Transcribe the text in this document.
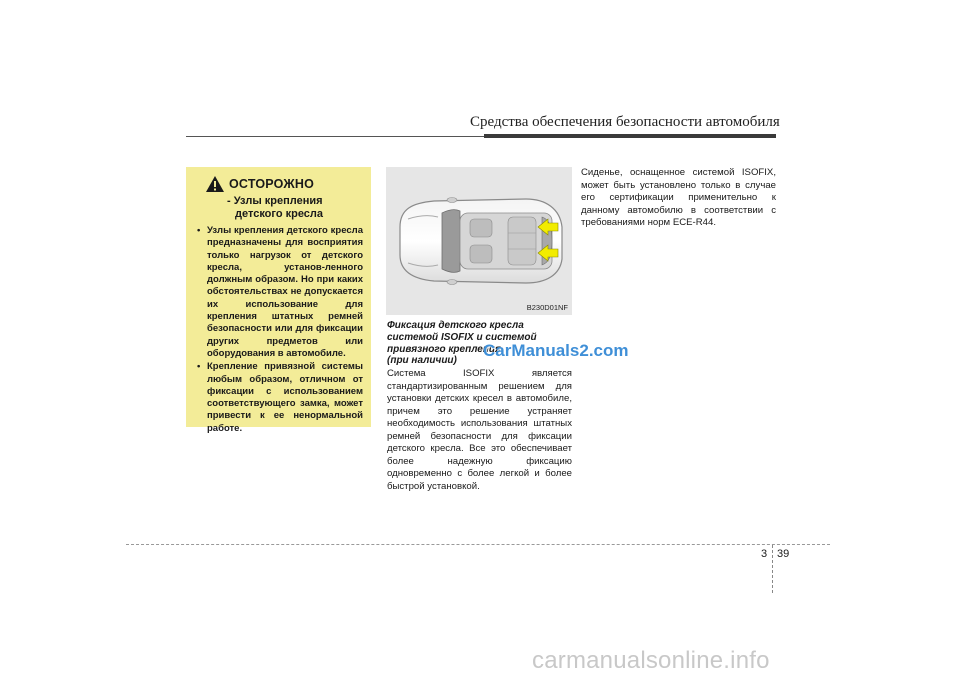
Средства обеспечения безопасности автомобиля
ОСТОРОЖНО
- Узлы крепления
детского кресла
• Узлы крепления детского кресла предназначены для восприятия только нагрузок от детского кресла, установ-ленного должным образом. Но при каких обстоятельствах не допускается их использование для крепления штатных ремней безопасности или для фиксации других предметов или оборудования в автомобиле.
• Крепление привязной системы любым образом, отличном от фиксации с использованием соответствующего замка, может привести к ее ненормальной работе.
B230D01NF
Фиксация детского кресла
системой ISOFIX и системой
привязного крепления
(при наличии)
CarManuals2.com
Система ISOFIX является стандартизированным решением для установки детских кресел в автомобиле, причем это решение устраняет необходимость использования штатных ремней безопасности для фиксации детского кресла. Все это обеспечивает более надежную фиксацию одновременно с более легкой и более быстрой установкой.
Сиденье, оснащенное системой ISOFIX, может быть установлено только в случае его сертификации применительно к данному автомобилю в соответствии с требованиями норм ECE-R44.
3 39
carmanualsonline.info
